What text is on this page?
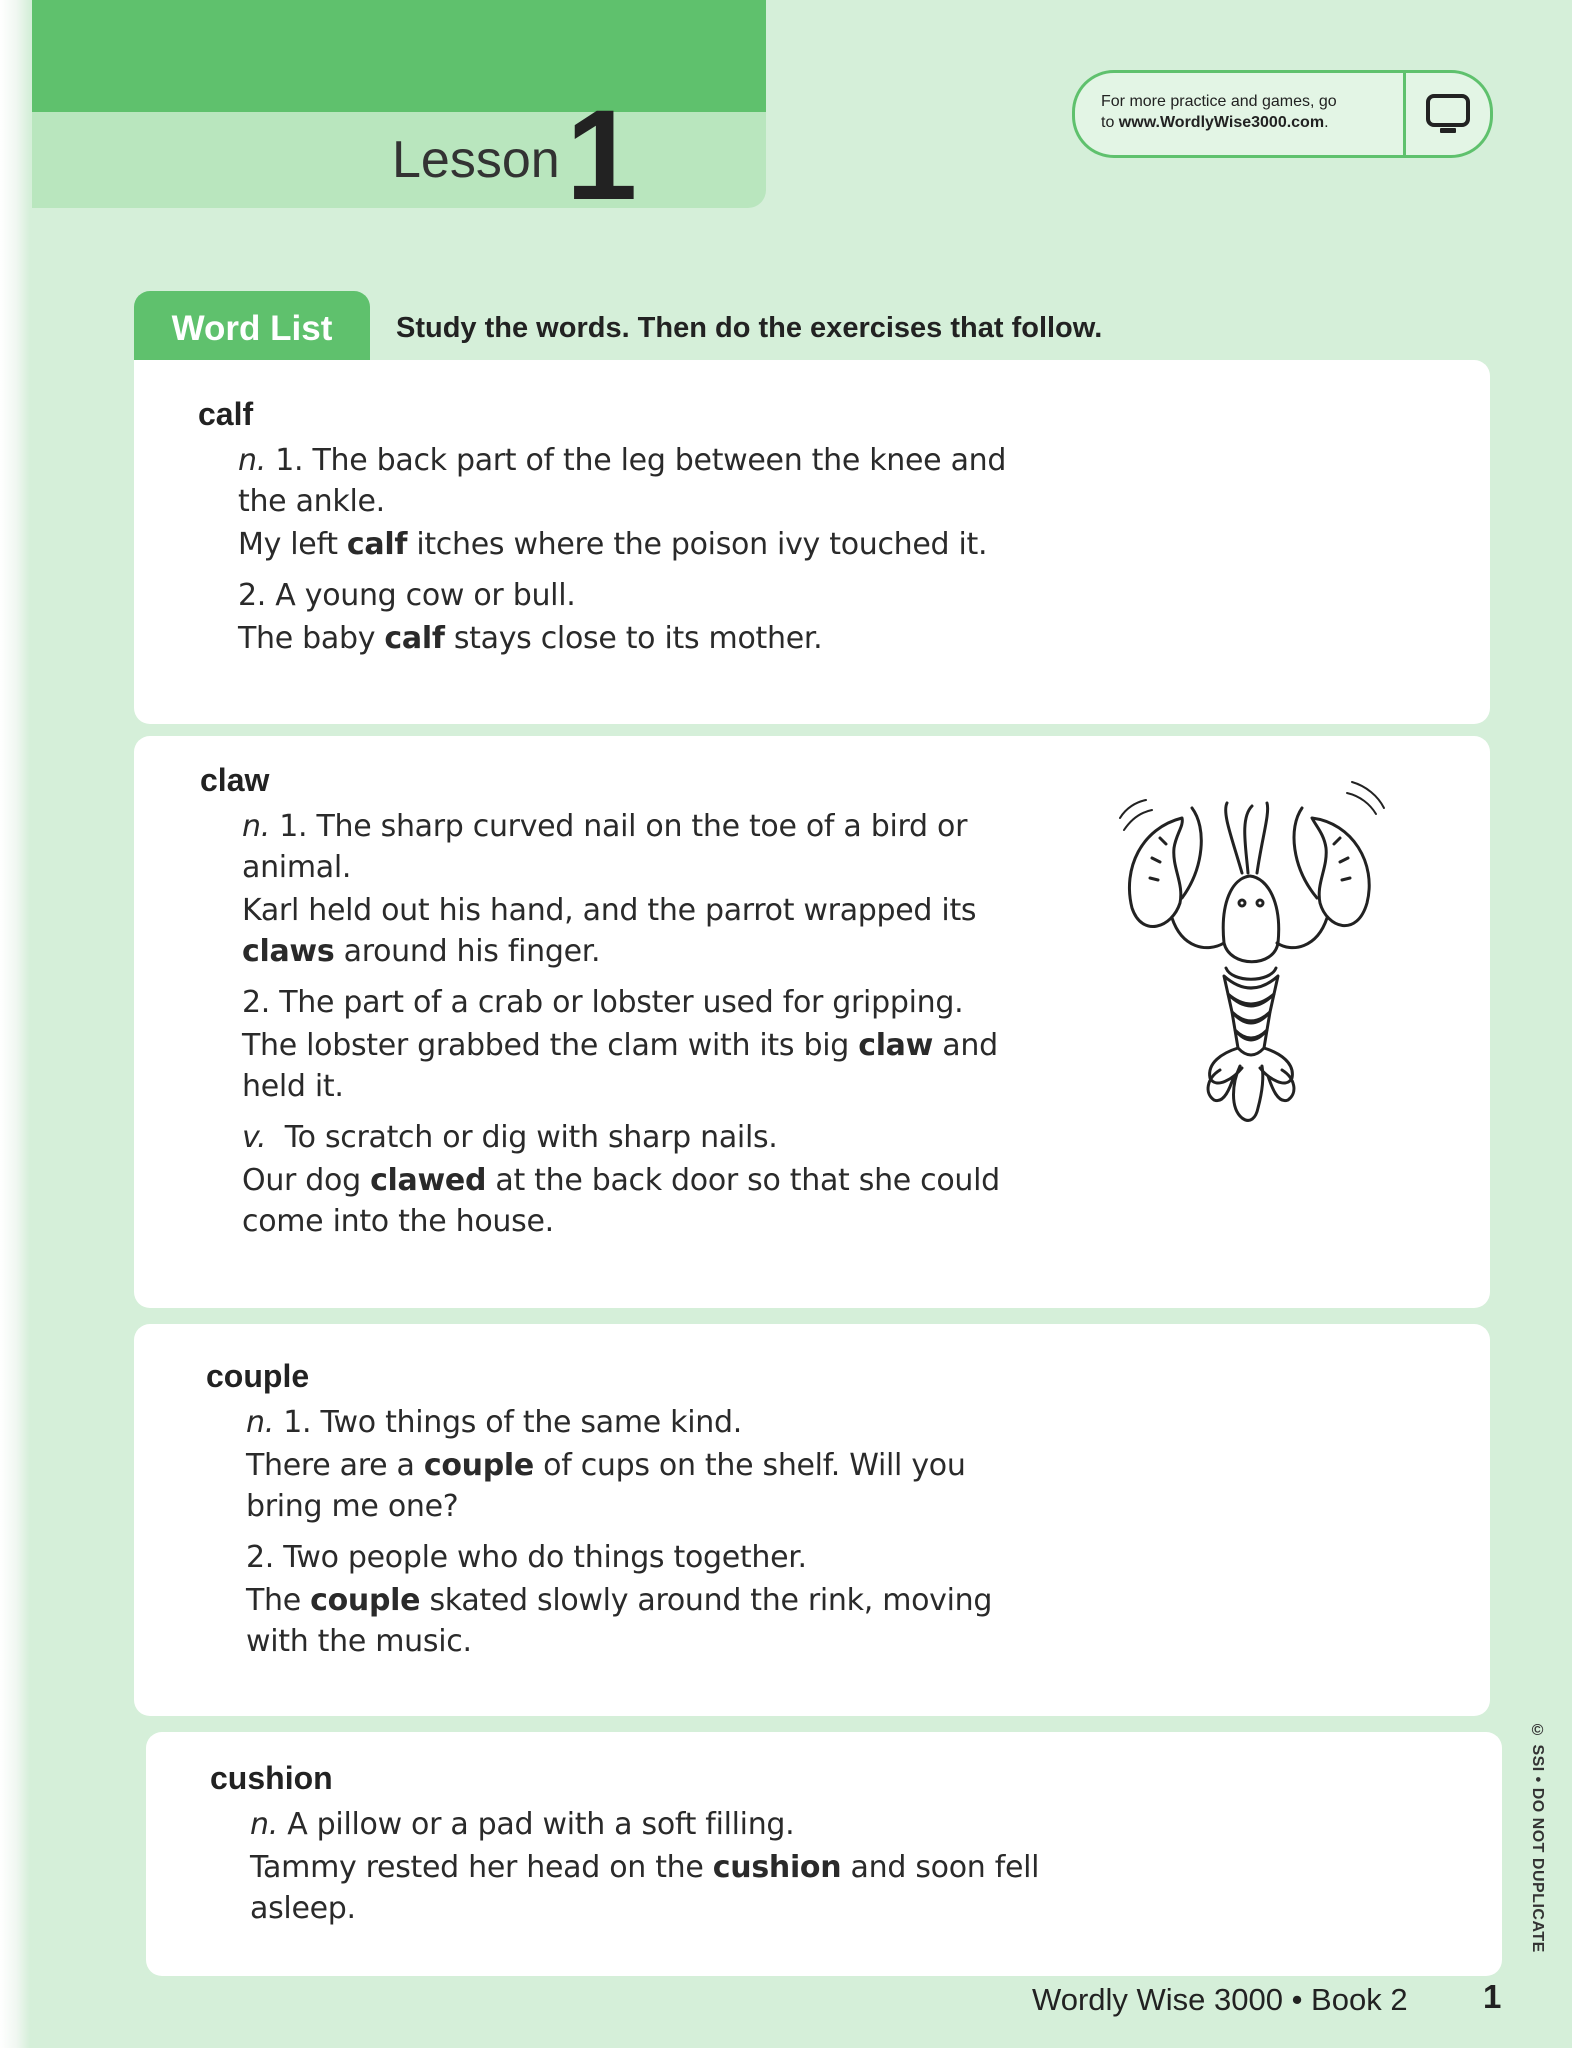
Lesson 1	For more practice and games, go
to www.WordlyWise3000.com.
Word List	Study the words. Then do the exercises that follow.
calf

n. 1. The back part of the leg between the knee and the ankle.

My left calf itches where the poison ivy touched it.

2. A young cow or bull.

The baby calf stays close to its mother.

claw

n. 1. The sharp curved nail on the toe of a bird or animal.

Karl held out his hand, and the parrot wrapped its claws around his finger.

2. The part of a crab or lobster used for gripping.

The lobster grabbed the clam with its big claw and held it.

v. To scratch or dig with sharp nails.

Our dog clawed at the back door so that she could come into the house.

couple

n. 1. Two things of the same kind.

There are a couple of cups on the shelf. Will you bring me one?

2. Two people who do things together.

The couple skated slowly around the rink, moving with the music.

cushion

n. A pillow or a pad with a soft filling.

Tammy rested her head on the cushion and soon fell asleep.	© SSI • DO NOT DUPLICATE
Wordly Wise 3000 • Book 2 1
